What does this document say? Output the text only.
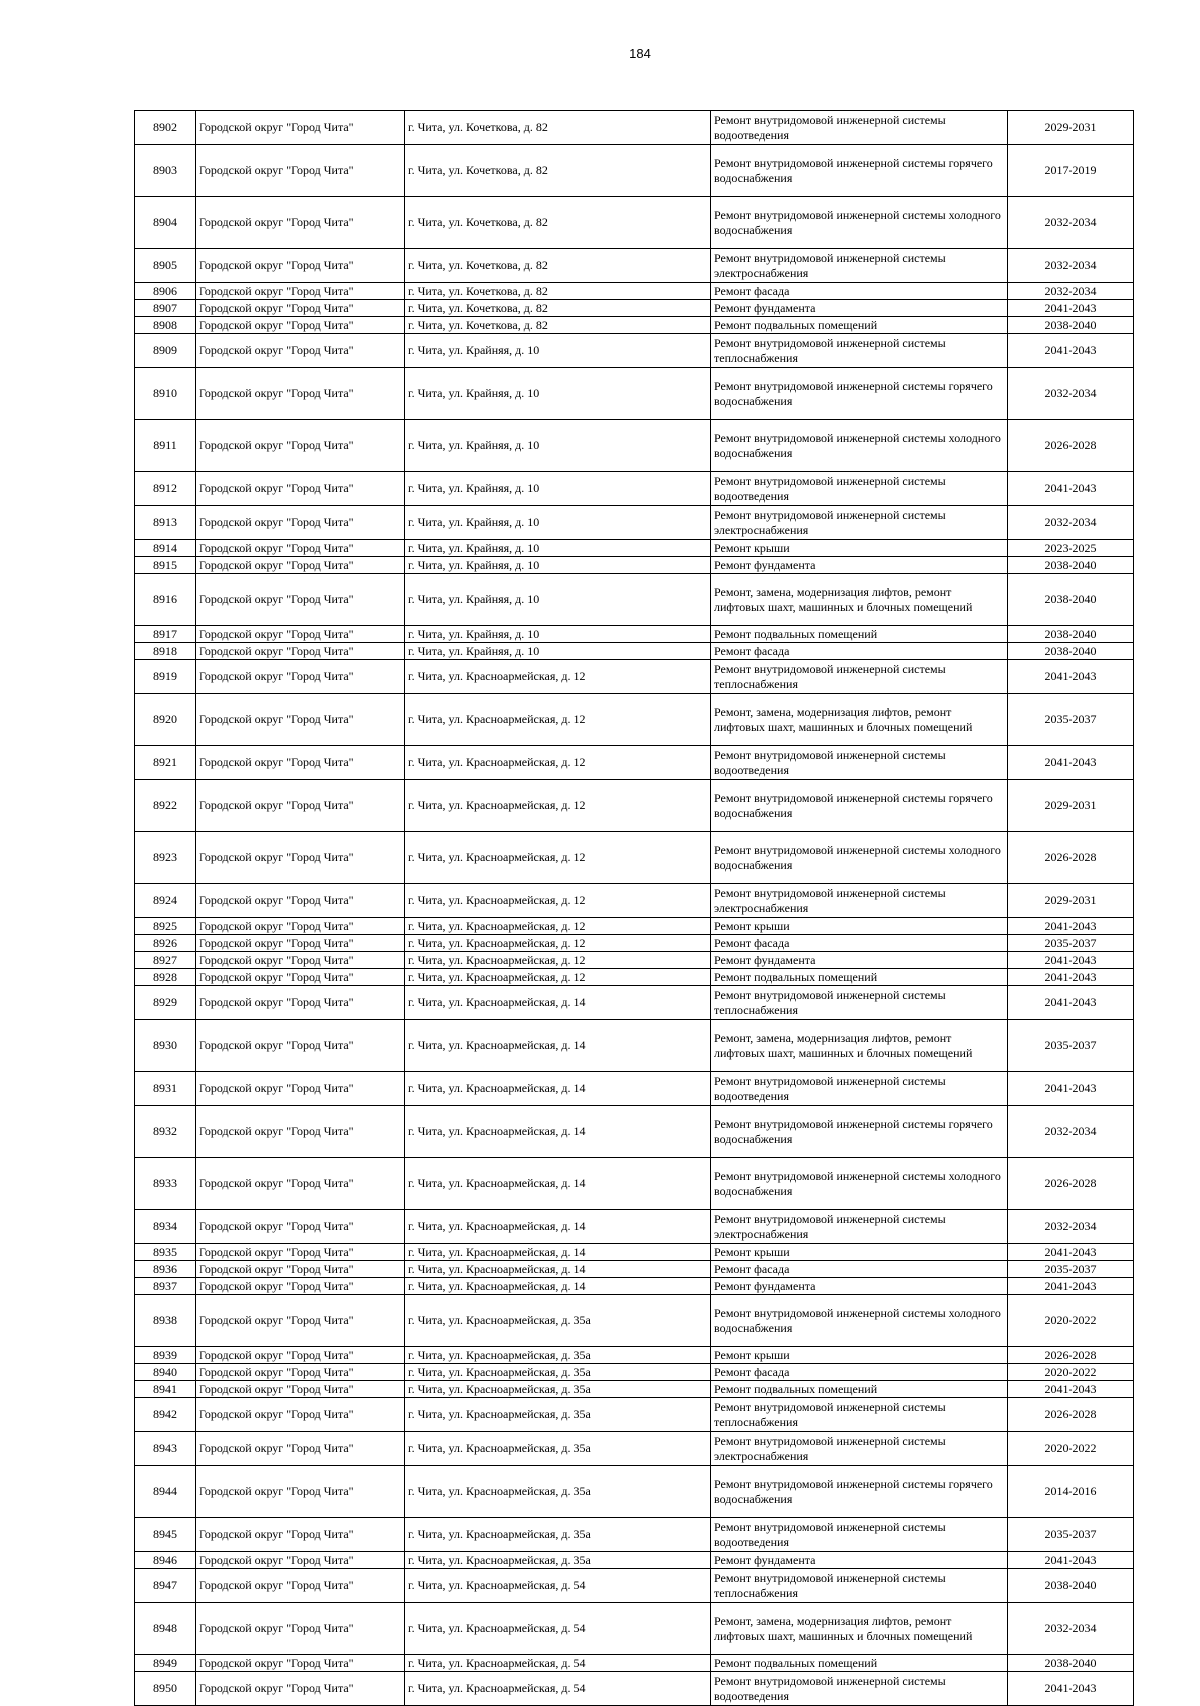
184
8902	Городской округ "Город Чита"	г. Чита, ул. Кочеткова, д. 82	Ремонт внутридомовой инженерной системы водоотведения	2029-2031
8903	Городской округ "Город Чита"	г. Чита, ул. Кочеткова, д. 82	Ремонт внутридомовой инженерной системы горячего водоснабжения	2017-2019
8904	Городской округ "Город Чита"	г. Чита, ул. Кочеткова, д. 82	Ремонт внутридомовой инженерной системы холодного водоснабжения	2032-2034
8905	Городской округ "Город Чита"	г. Чита, ул. Кочеткова, д. 82	Ремонт внутридомовой инженерной системы электроснабжения	2032-2034
8906	Городской округ "Город Чита"	г. Чита, ул. Кочеткова, д. 82	Ремонт фасада	2032-2034
8907	Городской округ "Город Чита"	г. Чита, ул. Кочеткова, д. 82	Ремонт фундамента	2041-2043
8908	Городской округ "Город Чита"	г. Чита, ул. Кочеткова, д. 82	Ремонт подвальных помещений	2038-2040
8909	Городской округ "Город Чита"	г. Чита, ул. Крайняя, д. 10	Ремонт внутридомовой инженерной системы теплоснабжения	2041-2043
8910	Городской округ "Город Чита"	г. Чита, ул. Крайняя, д. 10	Ремонт внутридомовой инженерной системы горячего водоснабжения	2032-2034
8911	Городской округ "Город Чита"	г. Чита, ул. Крайняя, д. 10	Ремонт внутридомовой инженерной системы холодного водоснабжения	2026-2028
8912	Городской округ "Город Чита"	г. Чита, ул. Крайняя, д. 10	Ремонт внутридомовой инженерной системы водоотведения	2041-2043
8913	Городской округ "Город Чита"	г. Чита, ул. Крайняя, д. 10	Ремонт внутридомовой инженерной системы электроснабжения	2032-2034
8914	Городской округ "Город Чита"	г. Чита, ул. Крайняя, д. 10	Ремонт крыши	2023-2025
8915	Городской округ "Город Чита"	г. Чита, ул. Крайняя, д. 10	Ремонт фундамента	2038-2040
8916	Городской округ "Город Чита"	г. Чита, ул. Крайняя, д. 10	Ремонт, замена, модернизация лифтов, ремонт лифтовых шахт, машинных и блочных помещений	2038-2040
8917	Городской округ "Город Чита"	г. Чита, ул. Крайняя, д. 10	Ремонт подвальных помещений	2038-2040
8918	Городской округ "Город Чита"	г. Чита, ул. Крайняя, д. 10	Ремонт фасада	2038-2040
8919	Городской округ "Город Чита"	г. Чита, ул. Красноармейская, д. 12	Ремонт внутридомовой инженерной системы теплоснабжения	2041-2043
8920	Городской округ "Город Чита"	г. Чита, ул. Красноармейская, д. 12	Ремонт, замена, модернизация лифтов, ремонт лифтовых шахт, машинных и блочных помещений	2035-2037
8921	Городской округ "Город Чита"	г. Чита, ул. Красноармейская, д. 12	Ремонт внутридомовой инженерной системы водоотведения	2041-2043
8922	Городской округ "Город Чита"	г. Чита, ул. Красноармейская, д. 12	Ремонт внутридомовой инженерной системы горячего водоснабжения	2029-2031
8923	Городской округ "Город Чита"	г. Чита, ул. Красноармейская, д. 12	Ремонт внутридомовой инженерной системы холодного водоснабжения	2026-2028
8924	Городской округ "Город Чита"	г. Чита, ул. Красноармейская, д. 12	Ремонт внутридомовой инженерной системы электроснабжения	2029-2031
8925	Городской округ "Город Чита"	г. Чита, ул. Красноармейская, д. 12	Ремонт крыши	2041-2043
8926	Городской округ "Город Чита"	г. Чита, ул. Красноармейская, д. 12	Ремонт фасада	2035-2037
8927	Городской округ "Город Чита"	г. Чита, ул. Красноармейская, д. 12	Ремонт фундамента	2041-2043
8928	Городской округ "Город Чита"	г. Чита, ул. Красноармейская, д. 12	Ремонт подвальных помещений	2041-2043
8929	Городской округ "Город Чита"	г. Чита, ул. Красноармейская, д. 14	Ремонт внутридомовой инженерной системы теплоснабжения	2041-2043
8930	Городской округ "Город Чита"	г. Чита, ул. Красноармейская, д. 14	Ремонт, замена, модернизация лифтов, ремонт лифтовых шахт, машинных и блочных помещений	2035-2037
8931	Городской округ "Город Чита"	г. Чита, ул. Красноармейская, д. 14	Ремонт внутридомовой инженерной системы водоотведения	2041-2043
8932	Городской округ "Город Чита"	г. Чита, ул. Красноармейская, д. 14	Ремонт внутридомовой инженерной системы горячего водоснабжения	2032-2034
8933	Городской округ "Город Чита"	г. Чита, ул. Красноармейская, д. 14	Ремонт внутридомовой инженерной системы холодного водоснабжения	2026-2028
8934	Городской округ "Город Чита"	г. Чита, ул. Красноармейская, д. 14	Ремонт внутридомовой инженерной системы электроснабжения	2032-2034
8935	Городской округ "Город Чита"	г. Чита, ул. Красноармейская, д. 14	Ремонт крыши	2041-2043
8936	Городской округ "Город Чита"	г. Чита, ул. Красноармейская, д. 14	Ремонт фасада	2035-2037
8937	Городской округ "Город Чита"	г. Чита, ул. Красноармейская, д. 14	Ремонт фундамента	2041-2043
8938	Городской округ "Город Чита"	г. Чита, ул. Красноармейская, д. 35а	Ремонт внутридомовой инженерной системы холодного водоснабжения	2020-2022
8939	Городской округ "Город Чита"	г. Чита, ул. Красноармейская, д. 35а	Ремонт крыши	2026-2028
8940	Городской округ "Город Чита"	г. Чита, ул. Красноармейская, д. 35а	Ремонт фасада	2020-2022
8941	Городской округ "Город Чита"	г. Чита, ул. Красноармейская, д. 35а	Ремонт подвальных помещений	2041-2043
8942	Городской округ "Город Чита"	г. Чита, ул. Красноармейская, д. 35а	Ремонт внутридомовой инженерной системы теплоснабжения	2026-2028
8943	Городской округ "Город Чита"	г. Чита, ул. Красноармейская, д. 35а	Ремонт внутридомовой инженерной системы электроснабжения	2020-2022
8944	Городской округ "Город Чита"	г. Чита, ул. Красноармейская, д. 35а	Ремонт внутридомовой инженерной системы горячего водоснабжения	2014-2016
8945	Городской округ "Город Чита"	г. Чита, ул. Красноармейская, д. 35а	Ремонт внутридомовой инженерной системы водоотведения	2035-2037
8946	Городской округ "Город Чита"	г. Чита, ул. Красноармейская, д. 35а	Ремонт фундамента	2041-2043
8947	Городской округ "Город Чита"	г. Чита, ул. Красноармейская, д. 54	Ремонт внутридомовой инженерной системы теплоснабжения	2038-2040
8948	Городской округ "Город Чита"	г. Чита, ул. Красноармейская, д. 54	Ремонт, замена, модернизация лифтов, ремонт лифтовых шахт, машинных и блочных помещений	2032-2034
8949	Городской округ "Город Чита"	г. Чита, ул. Красноармейская, д. 54	Ремонт подвальных помещений	2038-2040
8950	Городской округ "Город Чита"	г. Чита, ул. Красноармейская, д. 54	Ремонт внутридомовой инженерной системы водоотведения	2041-2043
